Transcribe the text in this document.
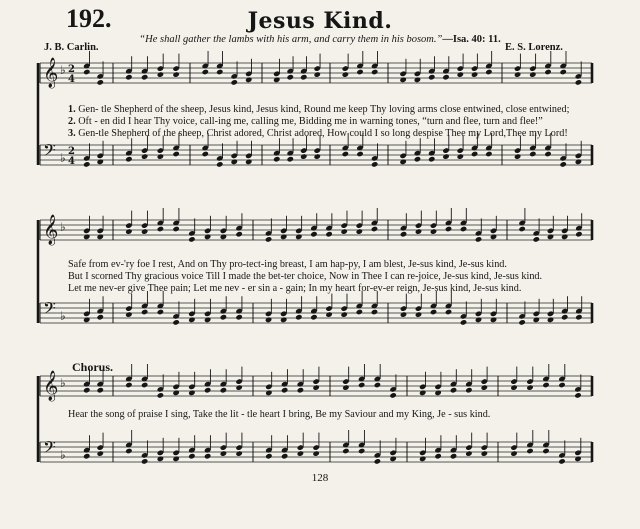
192.	Jesus Kind.
“He shall gather the lambs with his arm, and carry them in his bosom.”—Isa. 40: 11.
J. B. Carlin.	E. S. Lorenz.
𝄞 ♭ 2
4
𝄢 ♭ 2
4
𝄞 ♭
𝄢 ♭
𝄞 ♭
𝄢 ♭
1. Gen- tle Shepherd of the sheep, Jesus kind, Jesus kind, Round me keep Thy loving arms close entwined, close entwined;
2. Oft - en did I hear Thy voice, call-ing me, calling me, Bidding me in warning tones, “turn and flee, turn and flee!”
3. Gen-tle Shepherd of the sheep, Christ adored, Christ adored, How could I so long despise Thee my Lord,Thee my Lord!
Safe from ev-'ry foe I rest, And on Thy pro-tect-ing breast, I am hap-py, I am blest, Je-sus kind, Je-sus kind.
But I scorned Thy gracious voice Till I made the bet-ter choice, Now in Thee I can re-joice, Je-sus kind, Je-sus kind.
Let me nev-er give Thee pain; Let me nev - er sin a - gain; In my heart for-ev-er reign, Je-sus kind, Je-sus kind.
Chorus.
Hear the song of praise I sing, Take the lit - tle heart I bring, Be my Saviour and my King, Je - sus kind.
128
